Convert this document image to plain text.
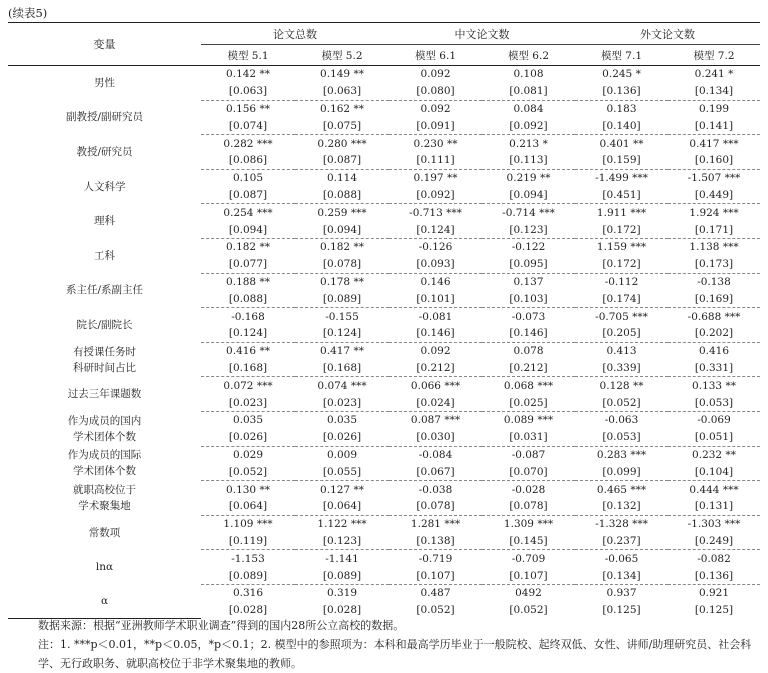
(续表5)
变量	论文总数		中文论文数		外文论文数	
	模型 5.1	模型 5.2	模型 6.1	模型 6.2	模型 7.1	模型 7.2
男性	0.142 **	0.149 **	0.092	0.108	0.245 *	0.241 *
	[0.063]	[0.063]	[0.080]	[0.081]	[0.136]	[0.134]
副教授/副研究员	0.156 **	0.162 **	0.092	0.084	0.183	0.199
	[0.074]	[0.075]	[0.091]	[0.092]	[0.140]	[0.141]
教授/研究员	0.282 ***	0.280 ***	0.230 **	0.213 *	0.401 **	0.417 ***
	[0.086]	[0.087]	[0.111]	[0.113]	[0.159]	[0.160]
人文科学	0.105	0.114	0.197 **	0.219 **	-1.499 ***	-1.507 ***
	[0.087]	[0.088]	[0.092]	[0.094]	[0.451]	[0.449]
理科	0.254 ***	0.259 ***	-0.713 ***	-0.714 ***	1.911 ***	1.924 ***
	[0.094]	[0.094]	[0.124]	[0.123]	[0.172]	[0.171]
工科	0.182 **	0.182 **	-0.126	-0.122	1.159 ***	1.138 ***
	[0.077]	[0.078]	[0.093]	[0.095]	[0.172]	[0.173]
系主任/系副主任	0.188 **	0.178 **	0.146	0.137	-0.112	-0.138
	[0.088]	[0.089]	[0.101]	[0.103]	[0.174]	[0.169]
院长/副院长	-0.168	-0.155	-0.081	-0.073	-0.705 ***	-0.688 ***
	[0.124]	[0.124]	[0.146]	[0.146]	[0.205]	[0.202]
有授课任务时
科研时间占比	0.416 **	0.417 **	0.092	0.078	0.413	0.416
	[0.168]	[0.168]	[0.212]	[0.212]	[0.339]	[0.331]
过去三年课题数	0.072 ***	0.074 ***	0.066 ***	0.068 ***	0.128 **	0.133 **
	[0.023]	[0.023]	[0.024]	[0.025]	[0.052]	[0.053]
作为成员的国内
学术团体个数	0.035	0.035	0.087 ***	0.089 ***	-0.063	-0.069
	[0.026]	[0.026]	[0.030]	[0.031]	[0.053]	[0.051]
作为成员的国际
学术团体个数	0.029	0.009	-0.084	-0.087	0.283 ***	0.232 **
	[0.052]	[0.055]	[0.067]	[0.070]	[0.099]	[0.104]
就职高校位于
学术聚集地	0.130 **	0.127 **	-0.038	-0.028	0.465 ***	0.444 ***
	[0.064]	[0.064]	[0.078]	[0.078]	[0.132]	[0.131]
常数项	1.109 ***	1.122 ***	1.281 ***	1.309 ***	-1.328 ***	-1.303 ***
	[0.119]	[0.123]	[0.138]	[0.145]	[0.237]	[0.249]
lnα	-1.153	-1.141	-0.719	-0.709	-0.065	-0.082
	[0.089]	[0.089]	[0.107]	[0.107]	[0.134]	[0.136]
α	0.316	0.319	0.487	0492	0.937	0.921
	[0.028]	[0.028]	[0.052]	[0.052]	[0.125]	[0.125]

数据来源：根据“亚洲教师学术职业调查”得到的国内28所公立高校的数据。

注：1. ***p＜0.01，**p＜0.05，*p＜0.1；2. 模型中的参照项为：本科和最高学历毕业于一般院校、起终双低、女性、讲师/助理研究员、社会科学、无行政职务、就职高校位于非学术聚集地的教师。
